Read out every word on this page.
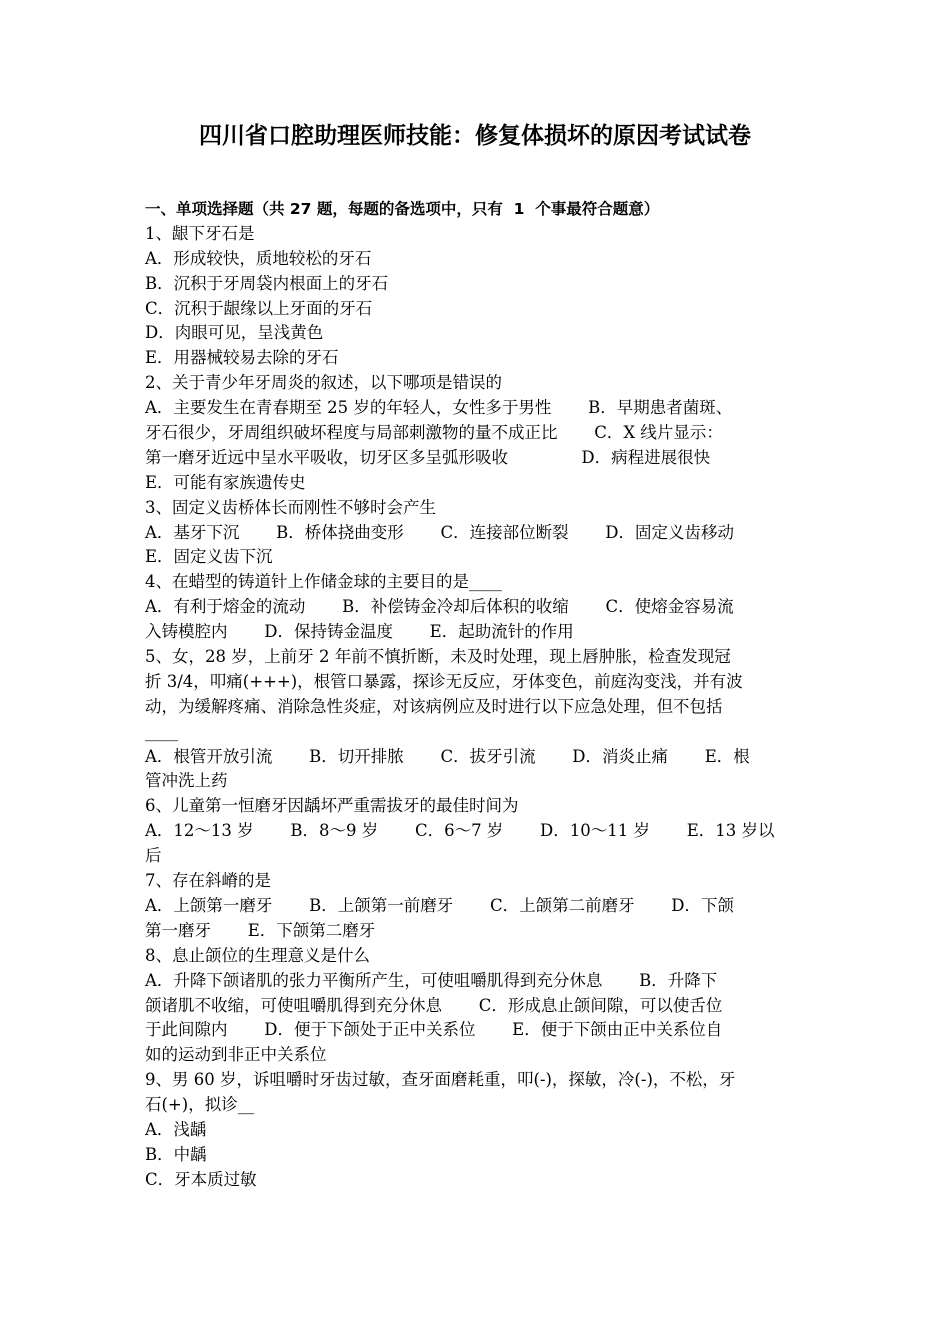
四川省口腔助理医师技能：修复体损坏的原因考试试卷
一、单项选择题（共 27 题，每题的备选项中，只有  1  个事最符合题意）
1、龈下牙石是
A．形成较快，质地较松的牙石
B．沉积于牙周袋内根面上的牙石
C．沉积于龈缘以上牙面的牙石
D．肉眼可见，呈浅黄色
E．用器械较易去除的牙石
2、关于青少年牙周炎的叙述，以下哪项是错误的
A．主要发生在青春期至 25 岁的年轻人，女性多于男性       B．早期患者菌斑、
牙石很少，牙周组织破坏程度与局部刺激物的量不成正比       C．X 线片显示：
第一磨牙近远中呈水平吸收，切牙区多呈弧形吸收              D．病程进展很快
E．可能有家族遗传史
3、固定义齿桥体长而刚性不够时会产生
A．基牙下沉       B．桥体挠曲变形       C．连接部位断裂       D．固定义齿移动
E．固定义齿下沉
4、在蜡型的铸道针上作储金球的主要目的是____
A．有利于熔金的流动       B．补偿铸金冷却后体积的收缩       C．使熔金容易流
入铸模腔内       D．保持铸金温度       E．起助流针的作用
5、女，28 岁，上前牙 2 年前不慎折断，未及时处理，现上唇肿胀，检查发现冠
折 3/4，叩痛(+++)，根管口暴露，探诊无反应，牙体变色，前庭沟变浅，并有波
动，为缓解疼痛、消除急性炎症，对该病例应及时进行以下应急处理，但不包括
____
A．根管开放引流       B．切开排脓       C．拔牙引流       D．消炎止痛       E．根
管冲洗上药
6、儿童第一恒磨牙因龋坏严重需拔牙的最佳时间为
A．12～13 岁       B．8～9 岁       C．6～7 岁       D．10～11 岁       E．13 岁以
后
7、存在斜嵴的是
A．上颌第一磨牙       B．上颌第一前磨牙       C．上颌第二前磨牙       D．下颌
第一磨牙       E．下颌第二磨牙
8、息止颌位的生理意义是什么
A．升降下颌诸肌的张力平衡所产生，可使咀嚼肌得到充分休息       B．升降下
颌诸肌不收缩，可使咀嚼肌得到充分休息       C．形成息止颌间隙，可以使舌位
于此间隙内       D．便于下颌处于正中关系位       E．便于下颌由正中关系位自
如的运动到非正中关系位
9、男 60 岁，诉咀嚼时牙齿过敏，查牙面磨耗重，叩(-)，探敏，冷(-)，不松，牙
石(+)，拟诊__
A．浅龋
B．中龋
C．牙本质过敏
